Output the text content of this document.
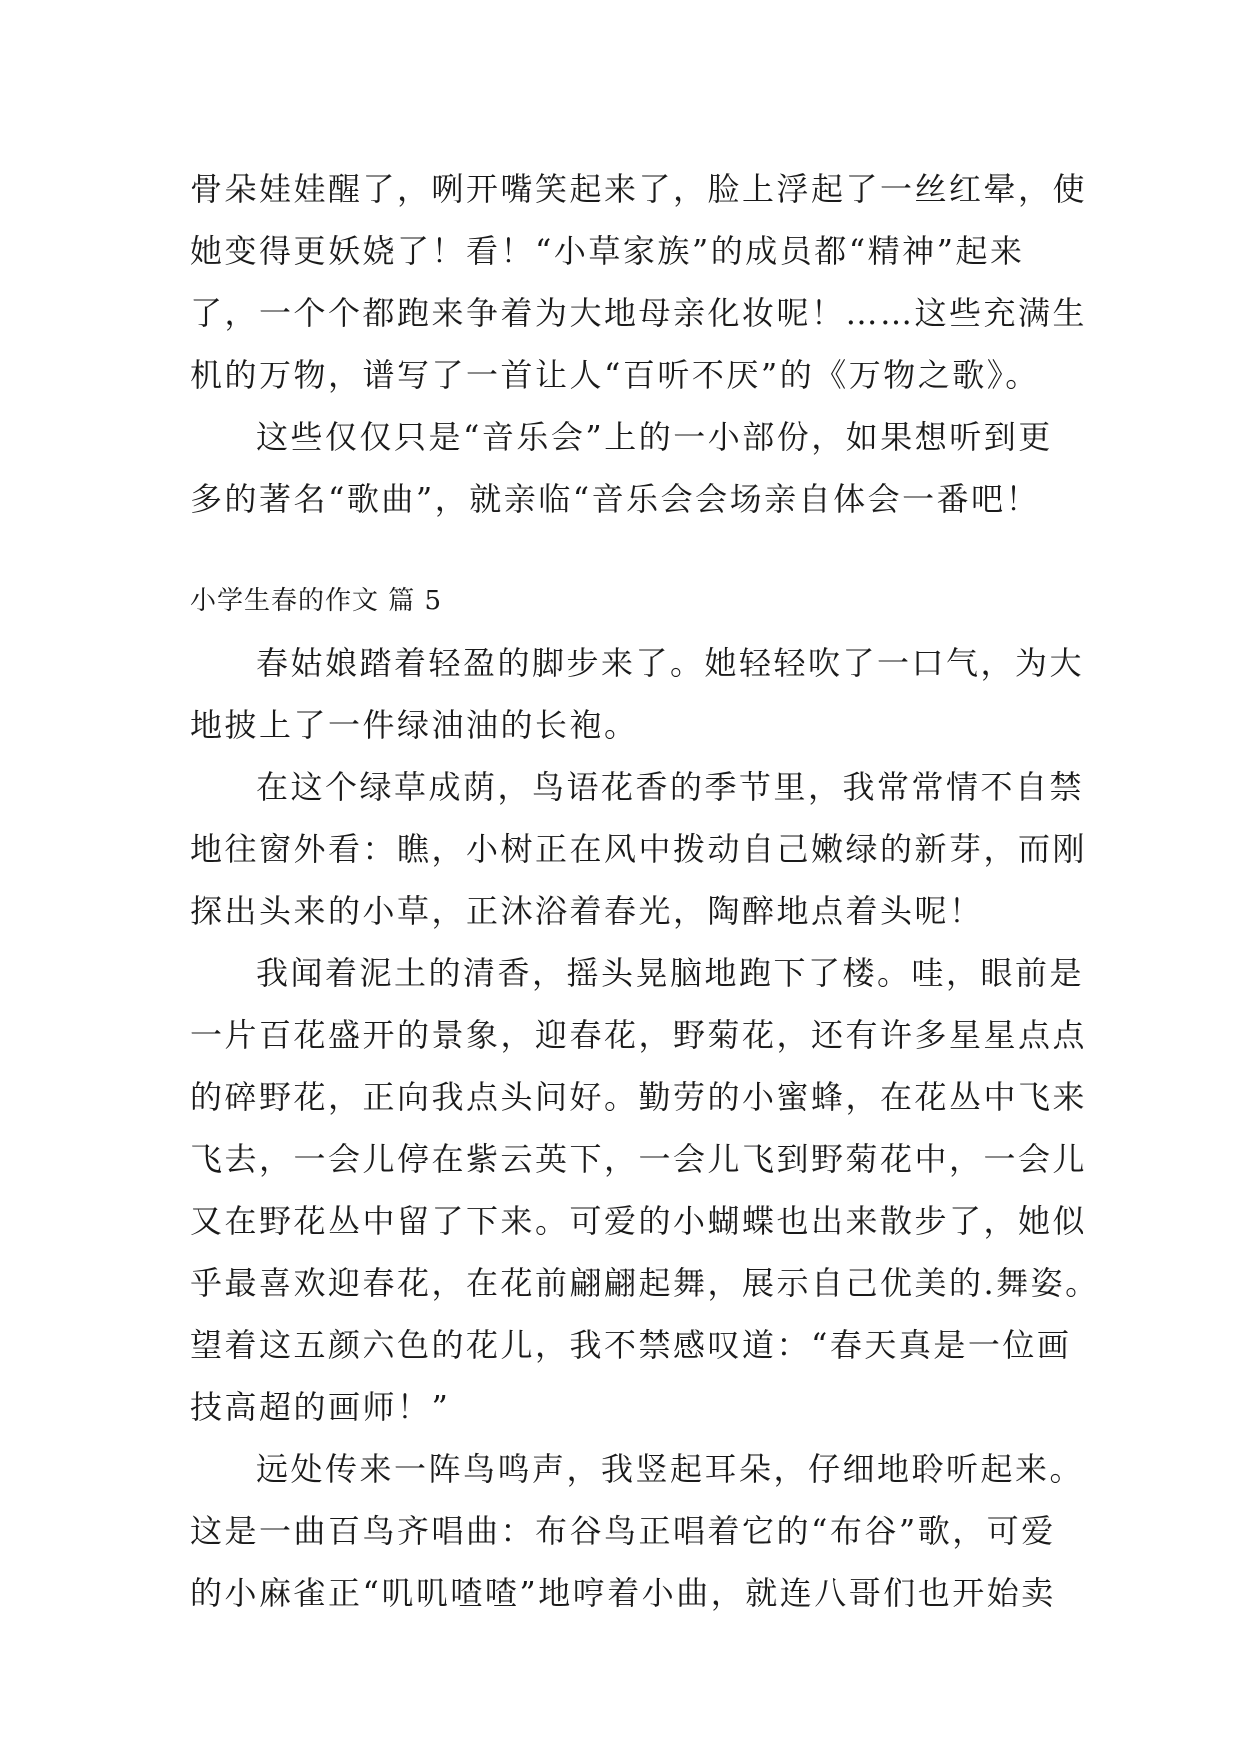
骨朵娃娃醒了，咧开嘴笑起来了，脸上浮起了一丝红晕，使
她变得更妖娆了！看！“小草家族”的成员都“精神”起来
了，一个个都跑来争着为大地母亲化妆呢！……这些充满生
机的万物，谱写了一首让人“百听不厌”的《万物之歌》。
这些仅仅只是“音乐会”上的一小部份，如果想听到更
多的著名“歌曲”，就亲临“音乐会会场亲自体会一番吧！
小学生春的作文 篇 5
春姑娘踏着轻盈的脚步来了。她轻轻吹了一口气，为大
地披上了一件绿油油的长袍。
在这个绿草成荫，鸟语花香的季节里，我常常情不自禁
地往窗外看：瞧，小树正在风中拨动自己嫩绿的新芽，而刚
探出头来的小草，正沐浴着春光，陶醉地点着头呢！
我闻着泥土的清香，摇头晃脑地跑下了楼。哇，眼前是
一片百花盛开的景象，迎春花，野菊花，还有许多星星点点
的碎野花，正向我点头问好。勤劳的小蜜蜂，在花丛中飞来
飞去，一会儿停在紫云英下，一会儿飞到野菊花中，一会儿
又在野花丛中留了下来。可爱的小蝴蝶也出来散步了，她似
乎最喜欢迎春花，在花前翩翩起舞，展示自己优美的.舞姿。
望着这五颜六色的花儿，我不禁感叹道：“春天真是一位画
技高超的画师！”
远处传来一阵鸟鸣声，我竖起耳朵，仔细地聆听起来。
这是一曲百鸟齐唱曲：布谷鸟正唱着它的“布谷”歌，可爱
的小麻雀正“叽叽喳喳”地哼着小曲，就连八哥们也开始卖
